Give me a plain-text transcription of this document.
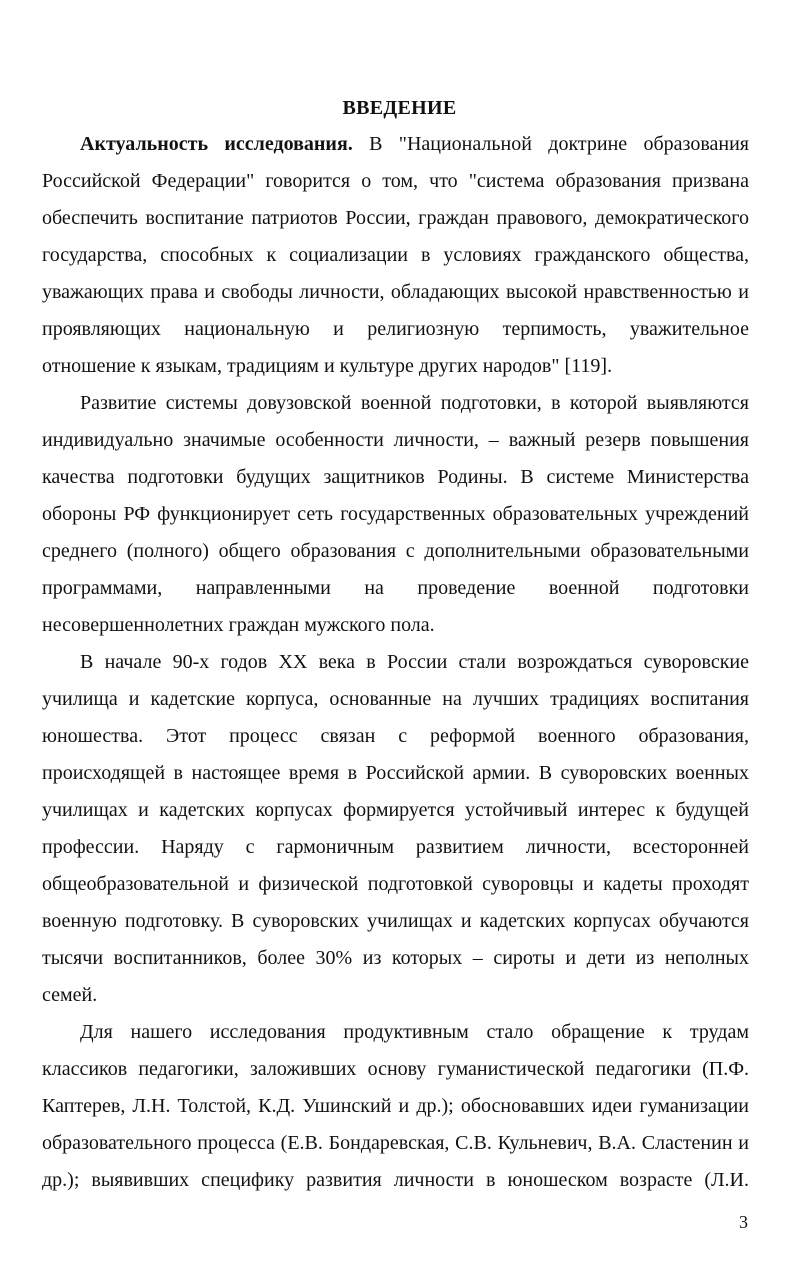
ВВЕДЕНИЕ
Актуальность исследования. В "Национальной доктрине образования
Российской Федерации" говорится о том, что "система образования призвана
обеспечить воспитание патриотов России, граждан правового, демократического
государства, способных к социализации в условиях гражданского общества,
уважающих права и свободы личности, обладающих высокой нравственностью и
проявляющих национальную и религиозную терпимость, уважительное
отношение к языкам, традициям и культуре других народов" [119].
Развитие системы довузовской военной подготовки, в которой выявляются
индивидуально значимые особенности личности, – важный резерв повышения
качества подготовки будущих защитников Родины. В системе Министерства
обороны РФ функционирует сеть государственных образовательных учреждений
среднего (полного) общего образования с дополнительными образовательными
программами, направленными на проведение военной подготовки
несовершеннолетних граждан мужского пола.
В начале 90-х годов ХХ века в России стали возрождаться суворовские
училища и кадетские корпуса, основанные на лучших традициях воспитания
юношества. Этот процесс связан с реформой военного образования,
происходящей в настоящее время в Российской армии. В суворовских военных
училищах и кадетских корпусах формируется устойчивый интерес к будущей
профессии. Наряду с гармоничным развитием личности, всесторонней
общеобразовательной и физической подготовкой суворовцы и кадеты проходят
военную подготовку. В суворовских училищах и кадетских корпусах обучаются
тысячи воспитанников, более 30% из которых – сироты и дети из неполных
семей.
Для нашего исследования продуктивным стало обращение к трудам
классиков педагогики, заложивших основу гуманистической педагогики (П.Ф.
Каптерев, Л.Н. Толстой, К.Д. Ушинский и др.); обосновавших идеи гуманизации
образовательного процесса (Е.В. Бондаревская, С.В. Кульневич, В.А. Сластенин и
др.); выявивших специфику развития личности в юношеском возрасте (Л.И.
3
